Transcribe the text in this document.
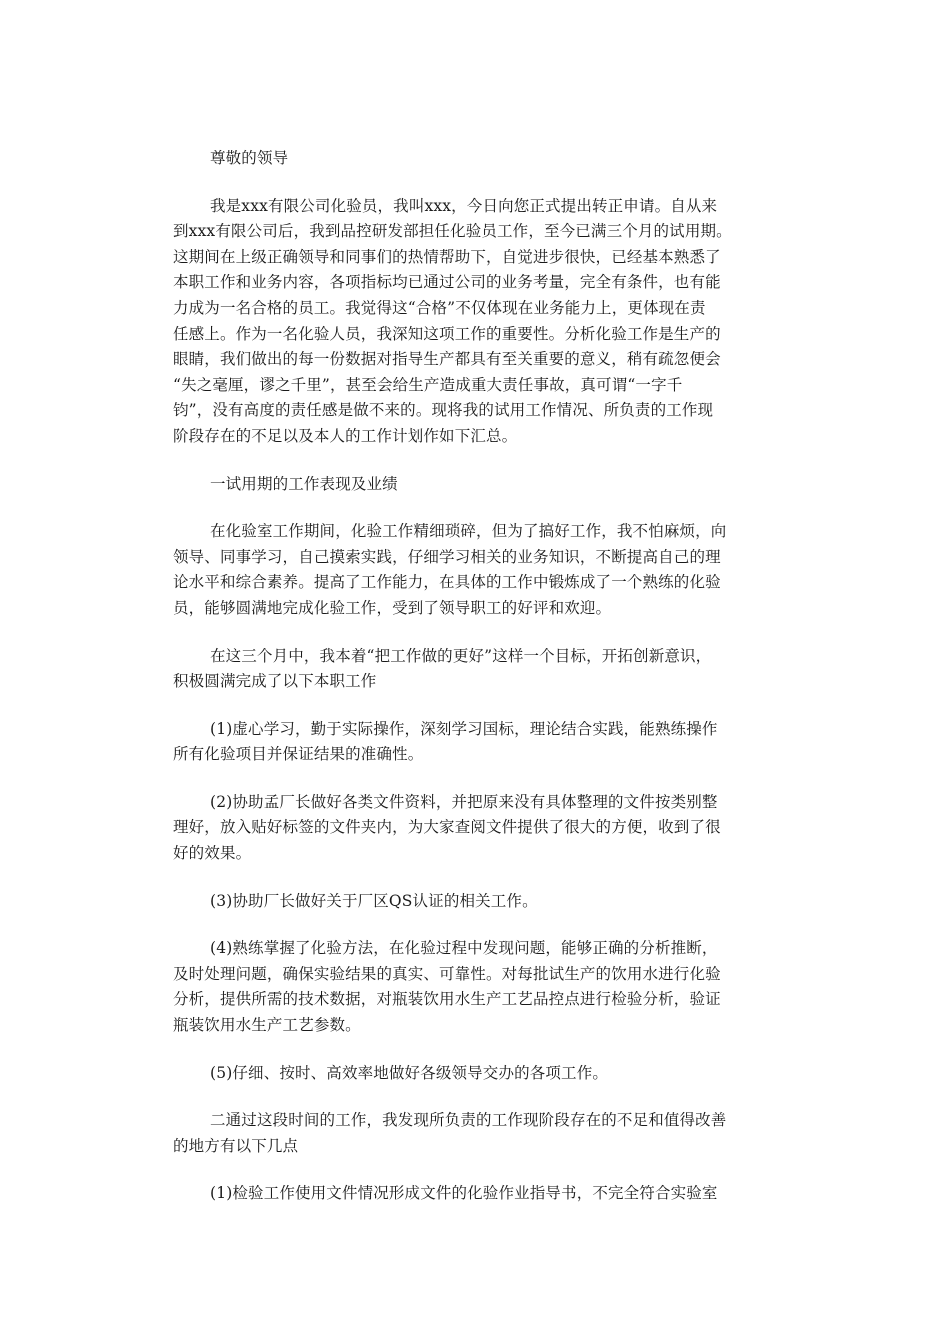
尊敬的领导

我是xxx有限公司化验员，我叫xxx，今日向您正式提出转正申请。自从来
到xxx有限公司后，我到品控研发部担任化验员工作，至今已满三个月的试用期。
这期间在上级正确领导和同事们的热情帮助下，自觉进步很快，已经基本熟悉了
本职工作和业务内容，各项指标均已通过公司的业务考量，完全有条件，也有能
力成为一名合格的员工。我觉得这“合格”不仅体现在业务能力上，更体现在责
任感上。作为一名化验人员，我深知这项工作的重要性。分析化验工作是生产的
眼睛，我们做出的每一份数据对指导生产都具有至关重要的意义，稍有疏忽便会
“失之毫厘，谬之千里”，甚至会给生产造成重大责任事故，真可谓“一字千
钧”，没有高度的责任感是做不来的。现将我的试用工作情况、所负责的工作现
阶段存在的不足以及本人的工作计划作如下汇总。

一试用期的工作表现及业绩

在化验室工作期间，化验工作精细琐碎，但为了搞好工作，我不怕麻烦，向
领导、同事学习，自己摸索实践，仔细学习相关的业务知识，不断提高自己的理
论水平和综合素养。提高了工作能力，在具体的工作中锻炼成了一个熟练的化验
员，能够圆满地完成化验工作，受到了领导职工的好评和欢迎。

在这三个月中，我本着“把工作做的更好”这样一个目标，开拓创新意识，
积极圆满完成了以下本职工作

(1)虚心学习，勤于实际操作，深刻学习国标，理论结合实践，能熟练操作
所有化验项目并保证结果的准确性。

(2)协助孟厂长做好各类文件资料，并把原来没有具体整理的文件按类别整
理好，放入贴好标签的文件夹内，为大家查阅文件提供了很大的方便，收到了很
好的效果。

(3)协助厂长做好关于厂区QS认证的相关工作。

(4)熟练掌握了化验方法，在化验过程中发现问题，能够正确的分析推断，
及时处理问题，确保实验结果的真实、可靠性。对每批试生产的饮用水进行化验
分析，提供所需的技术数据，对瓶装饮用水生产工艺品控点进行检验分析，验证
瓶装饮用水生产工艺参数。

(5)仔细、按时、高效率地做好各级领导交办的各项工作。

二通过这段时间的工作，我发现所负责的工作现阶段存在的不足和值得改善
的地方有以下几点

(1)检验工作使用文件情况形成文件的化验作业指导书，不完全符合实验室
